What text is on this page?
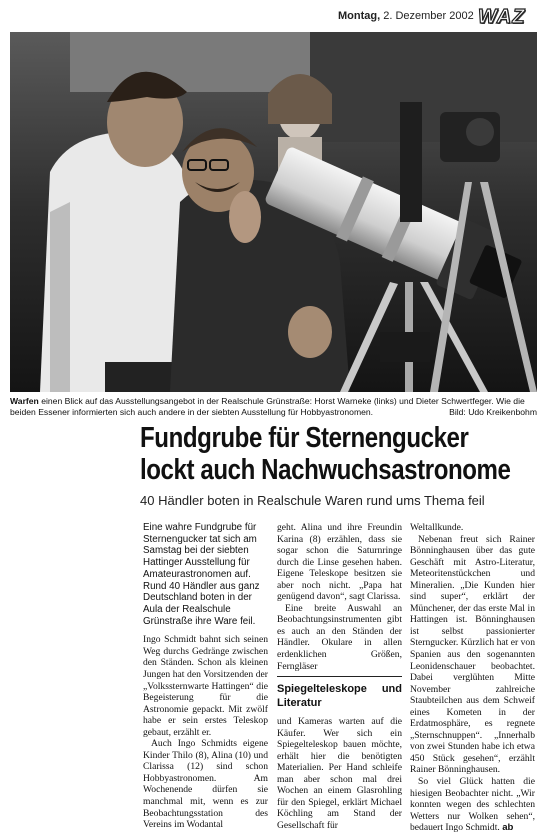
Montag, 2. Dezember 2002 WAZ
Warfen einen Blick auf das Ausstellungsangebot in der Realschule Grünstraße: Horst Warneke (links) und Dieter Schwertfeger. Wie die beiden Essener informierten sich auch andere in der siebten Ausstellung für Hobbyastronomen.	Bild: Udo Kreikenbohm
Fundgrube für Sternengucker
lockt auch Nachwuchsastronome
40 Händler boten in Realschule Waren rund ums Thema feil
Eine wahre Fundgrube für Sternengucker tat sich am Samstag bei der siebten Hattinger Ausstellung für Amateurastronomen auf. Rund 40 Händler aus ganz Deutschland boten in der Aula der Realschule Grünstraße ihre Ware feil.

Ingo Schmidt bahnt sich seinen Weg durchs Gedränge zwischen den Ständen. Schon als kleinen Jungen hat den Vorsitzenden der „Volkssternwarte Hattingen“ die Begeisterung für die Astronomie gepackt. Mit zwölf habe er sein erstes Teleskop gebaut, erzählt er.

Auch Ingo Schmidts eigene Kinder Thilo (8), Alina (10) und Clarissa (12) sind schon Hobbyastronomen. Am Wochenende dürfen sie manchmal mit, wenn es zur Beobachtungsstation des Vereins im Wodantal

geht. Alina und ihre Freundin Karina (8) erzählen, dass sie sogar schon die Saturnringe durch die Linse gesehen haben. Eigene Teleskope besitzen sie aber noch nicht. „Papa hat genügend davon“, sagt Clarissa.

Eine breite Auswahl an Beobachtungsinstrumenten gibt es auch an den Ständen der Händler. Okulare in allen erdenklichen Größen, Ferngläser

Spiegelteleskope und Literatur

und Kameras warten auf die Käufer. Wer sich ein Spiegelteleskop bauen möchte, erhält hier die benötigten Materialien. Per Hand schleife man aber schon mal drei Wochen an einem Glasrohling für den Spiegel, erklärt Michael Köchling am Stand der Gesellschaft für

Weltallkunde.

Nebenan freut sich Rainer Bönninghausen über das gute Geschäft mit Astro-Literatur, Meteoritenstückchen und Mineralien. „Die Kunden hier sind super“, erklärt der Münchener, der das erste Mal in Hattingen ist. Bönninghausen ist selbst passionierter Sterngucker. Kürzlich hat er von Spanien aus den sogenannten Leonidenschauer beobachtet. Dabei verglühten Mitte November zahlreiche Staubteilchen aus dem Schweif eines Kometen in der Erdatmosphäre, es regnete „Sternschnuppen“. „Innerhalb von zwei Stunden habe ich etwa 450 Stück gesehen“, erzählt Rainer Bönninghausen.

So viel Glück hatten die hiesigen Beobachter nicht. „Wir konnten wegen des schlechten Wetters nur Wolken sehen“, bedauert Ingo Schmidt. ab
